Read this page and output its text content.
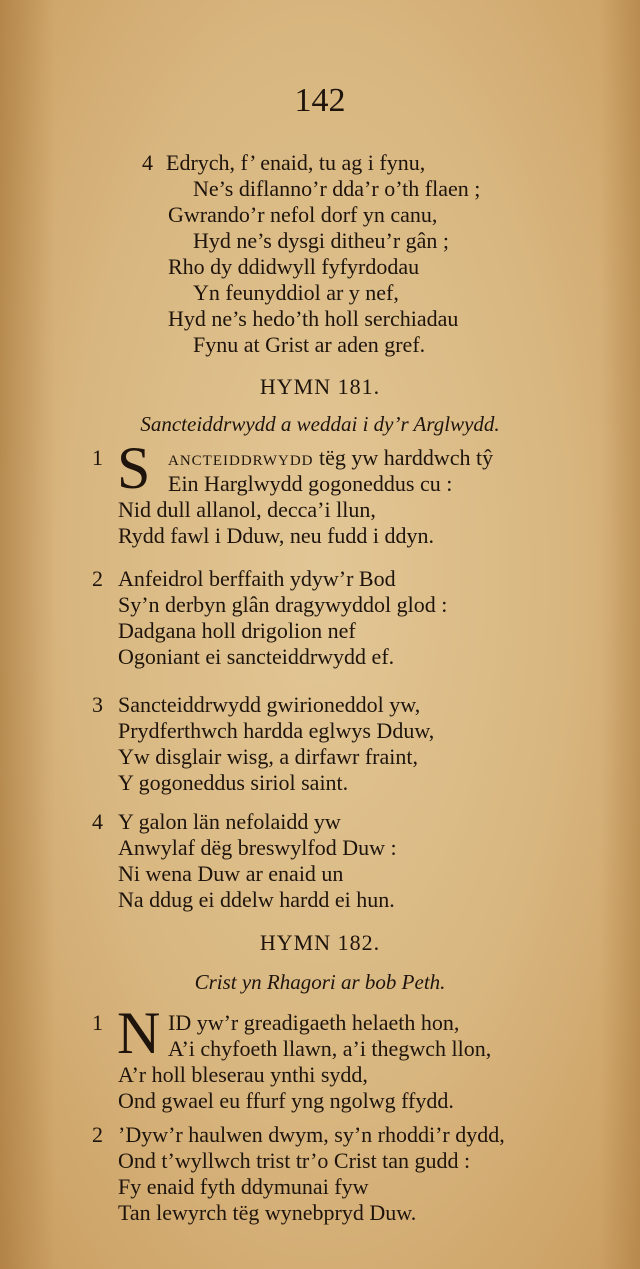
142
4 Edrych, f’ enaid, tu ag i fynu,
Ne’s diflanno’r dda’r o’th flaen ;
Gwrando’r nefol dorf yn canu,
Hyd ne’s dysgi ditheu’r gân ;
Rho dy ddidwyll fyfyrdodau
Yn feunyddiol ar y nef,
Hyd ne’s hedo’th holl serchiadau
Fynu at Grist ar aden gref.
HYMN 181.
Sancteiddrwydd a weddai i dy’r Arglwydd.
1 S ANCTEIDDRWYDD tëg yw harddwch tŷ
Ein Harglwydd gogoneddus cu :
Nid dull allanol, decca’i llun,
Rydd fawl i Dduw, neu fudd i ddyn.
2 Anfeidrol berffaith ydyw’r Bod
Sy’n derbyn glân dragywyddol glod :
Dadgana holl drigolion nef
Ogoniant ei sancteiddrwydd ef.
3 Sancteiddrwydd gwirioneddol yw,
Prydferthwch hardda eglwys Dduw,
Yw disglair wisg, a dirfawr fraint,
Y gogoneddus siriol saint.
4 Y galon län nefolaidd yw
Anwylaf dëg breswylfod Duw :
Ni wena Duw ar enaid un
Na ddug ei ddelw hardd ei hun.
HYMN 182.
Crist yn Rhagori ar bob Peth.
1 N ID yw’r greadigaeth helaeth hon,
A’i chyfoeth llawn, a’i thegwch llon,
A’r holl bleserau ynthi sydd,
Ond gwael eu ffurf yng ngolwg ffydd.
2 ’Dyw’r haulwen dwym, sy’n rhoddi’r dydd,
Ond t’wyllwch trist tr’o Crist tan gudd :
Fy enaid fyth ddymunai fyw
Tan lewyrch tëg wynebpryd Duw.
